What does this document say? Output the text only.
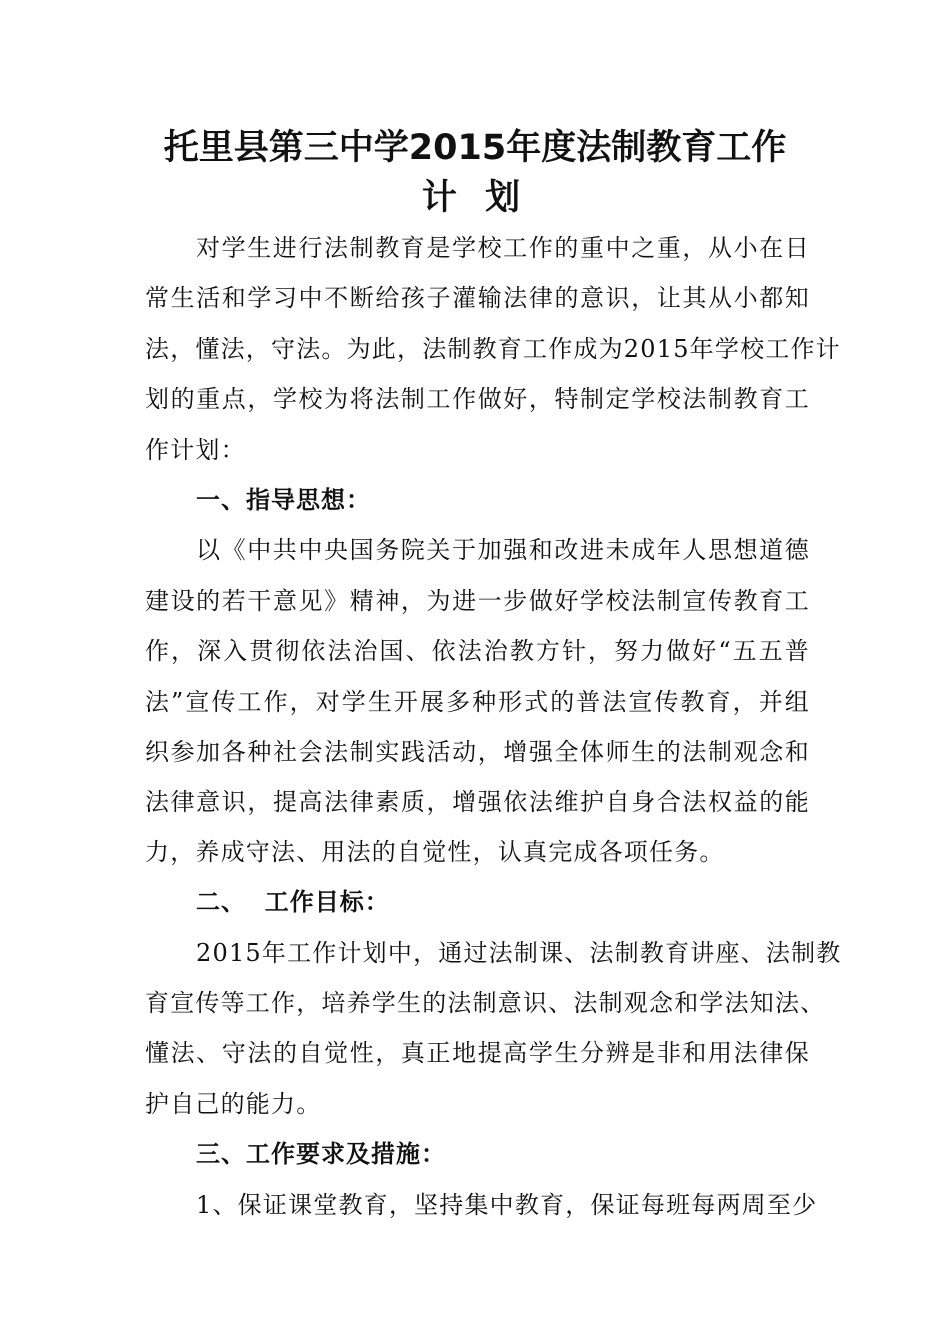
托里县第三中学2015年度法制教育工作
计 划
对学生进行法制教育是学校工作的重中之重，从小在日
常生活和学习中不断给孩子灌输法律的意识，让其从小都知
法，懂法，守法。为此，法制教育工作成为2015年学校工作计
划的重点，学校为将法制工作做好，特制定学校法制教育工
作计划：
一、指导思想：
以《中共中央国务院关于加强和改进未成年人思想道德
建设的若干意见》精神，为进一步做好学校法制宣传教育工
作，深入贯彻依法治国、依法治教方针，努力做好“五五普
法”宣传工作，对学生开展多种形式的普法宣传教育，并组
织参加各种社会法制实践活动，增强全体师生的法制观念和
法律意识，提高法律素质，增强依法维护自身合法权益的能
力，养成守法、用法的自觉性，认真完成各项任务。
二、  工作目标：
2015年工作计划中，通过法制课、法制教育讲座、法制教
育宣传等工作，培养学生的法制意识、法制观念和学法知法、
懂法、守法的自觉性，真正地提高学生分辨是非和用法律保
护自己的能力。
三、工作要求及措施：
1、保证课堂教育，坚持集中教育，保证每班每两周至少
